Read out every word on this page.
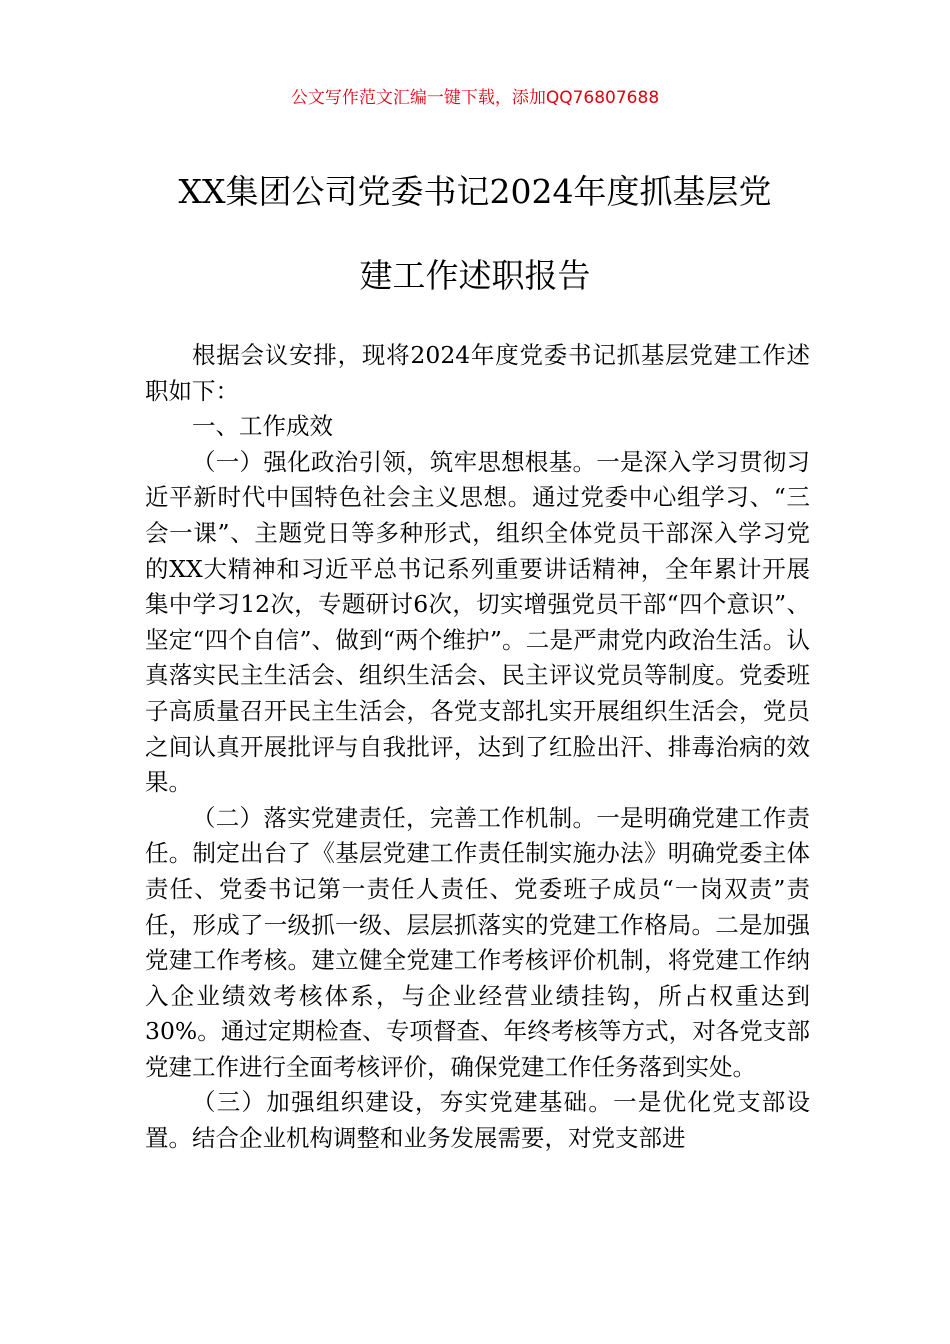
公文写作范文汇编一键下载，添加QQ76807688
XX集团公司党委书记2024年度抓基层党
建工作述职报告

根据会议安排，现将2024年度党委书记抓基层党建工作述职如下：

一、工作成效

（一）强化政治引领，筑牢思想根基。一是深入学习贯彻习近平新时代中国特色社会主义思想。通过党委中心组学习、“三会一课”、主题党日等多种形式，组织全体党员干部深入学习党的XX大精神和习近平总书记系列重要讲话精神，全年累计开展集中学习12次，专题研讨6次，切实增强党员干部“四个意识”、坚定“四个自信”、做到“两个维护”。二是严肃党内政治生活。认真落实民主生活会、组织生活会、民主评议党员等制度。党委班子高质量召开民主生活会，各党支部扎实开展组织生活会，党员之间认真开展批评与自我批评，达到了红脸出汗、排毒治病的效果。

（二）落实党建责任，完善工作机制。一是明确党建工作责任。制定出台了《基层党建工作责任制实施办法》明确党委主体责任、党委书记第一责任人责任、党委班子成员“一岗双责”责任，形成了一级抓一级、层层抓落实的党建工作格局。二是加强党建工作考核。建立健全党建工作考核评价机制，将党建工作纳入企业绩效考核体系，与企业经营业绩挂钩，所占权重达到30%。通过定期检查、专项督查、年终考核等方式，对各党支部党建工作进行全面考核评价，确保党建工作任务落到实处。

（三）加强组织建设，夯实党建基础。一是优化党支部设置。结合企业机构调整和业务发展需要，对党支部进
